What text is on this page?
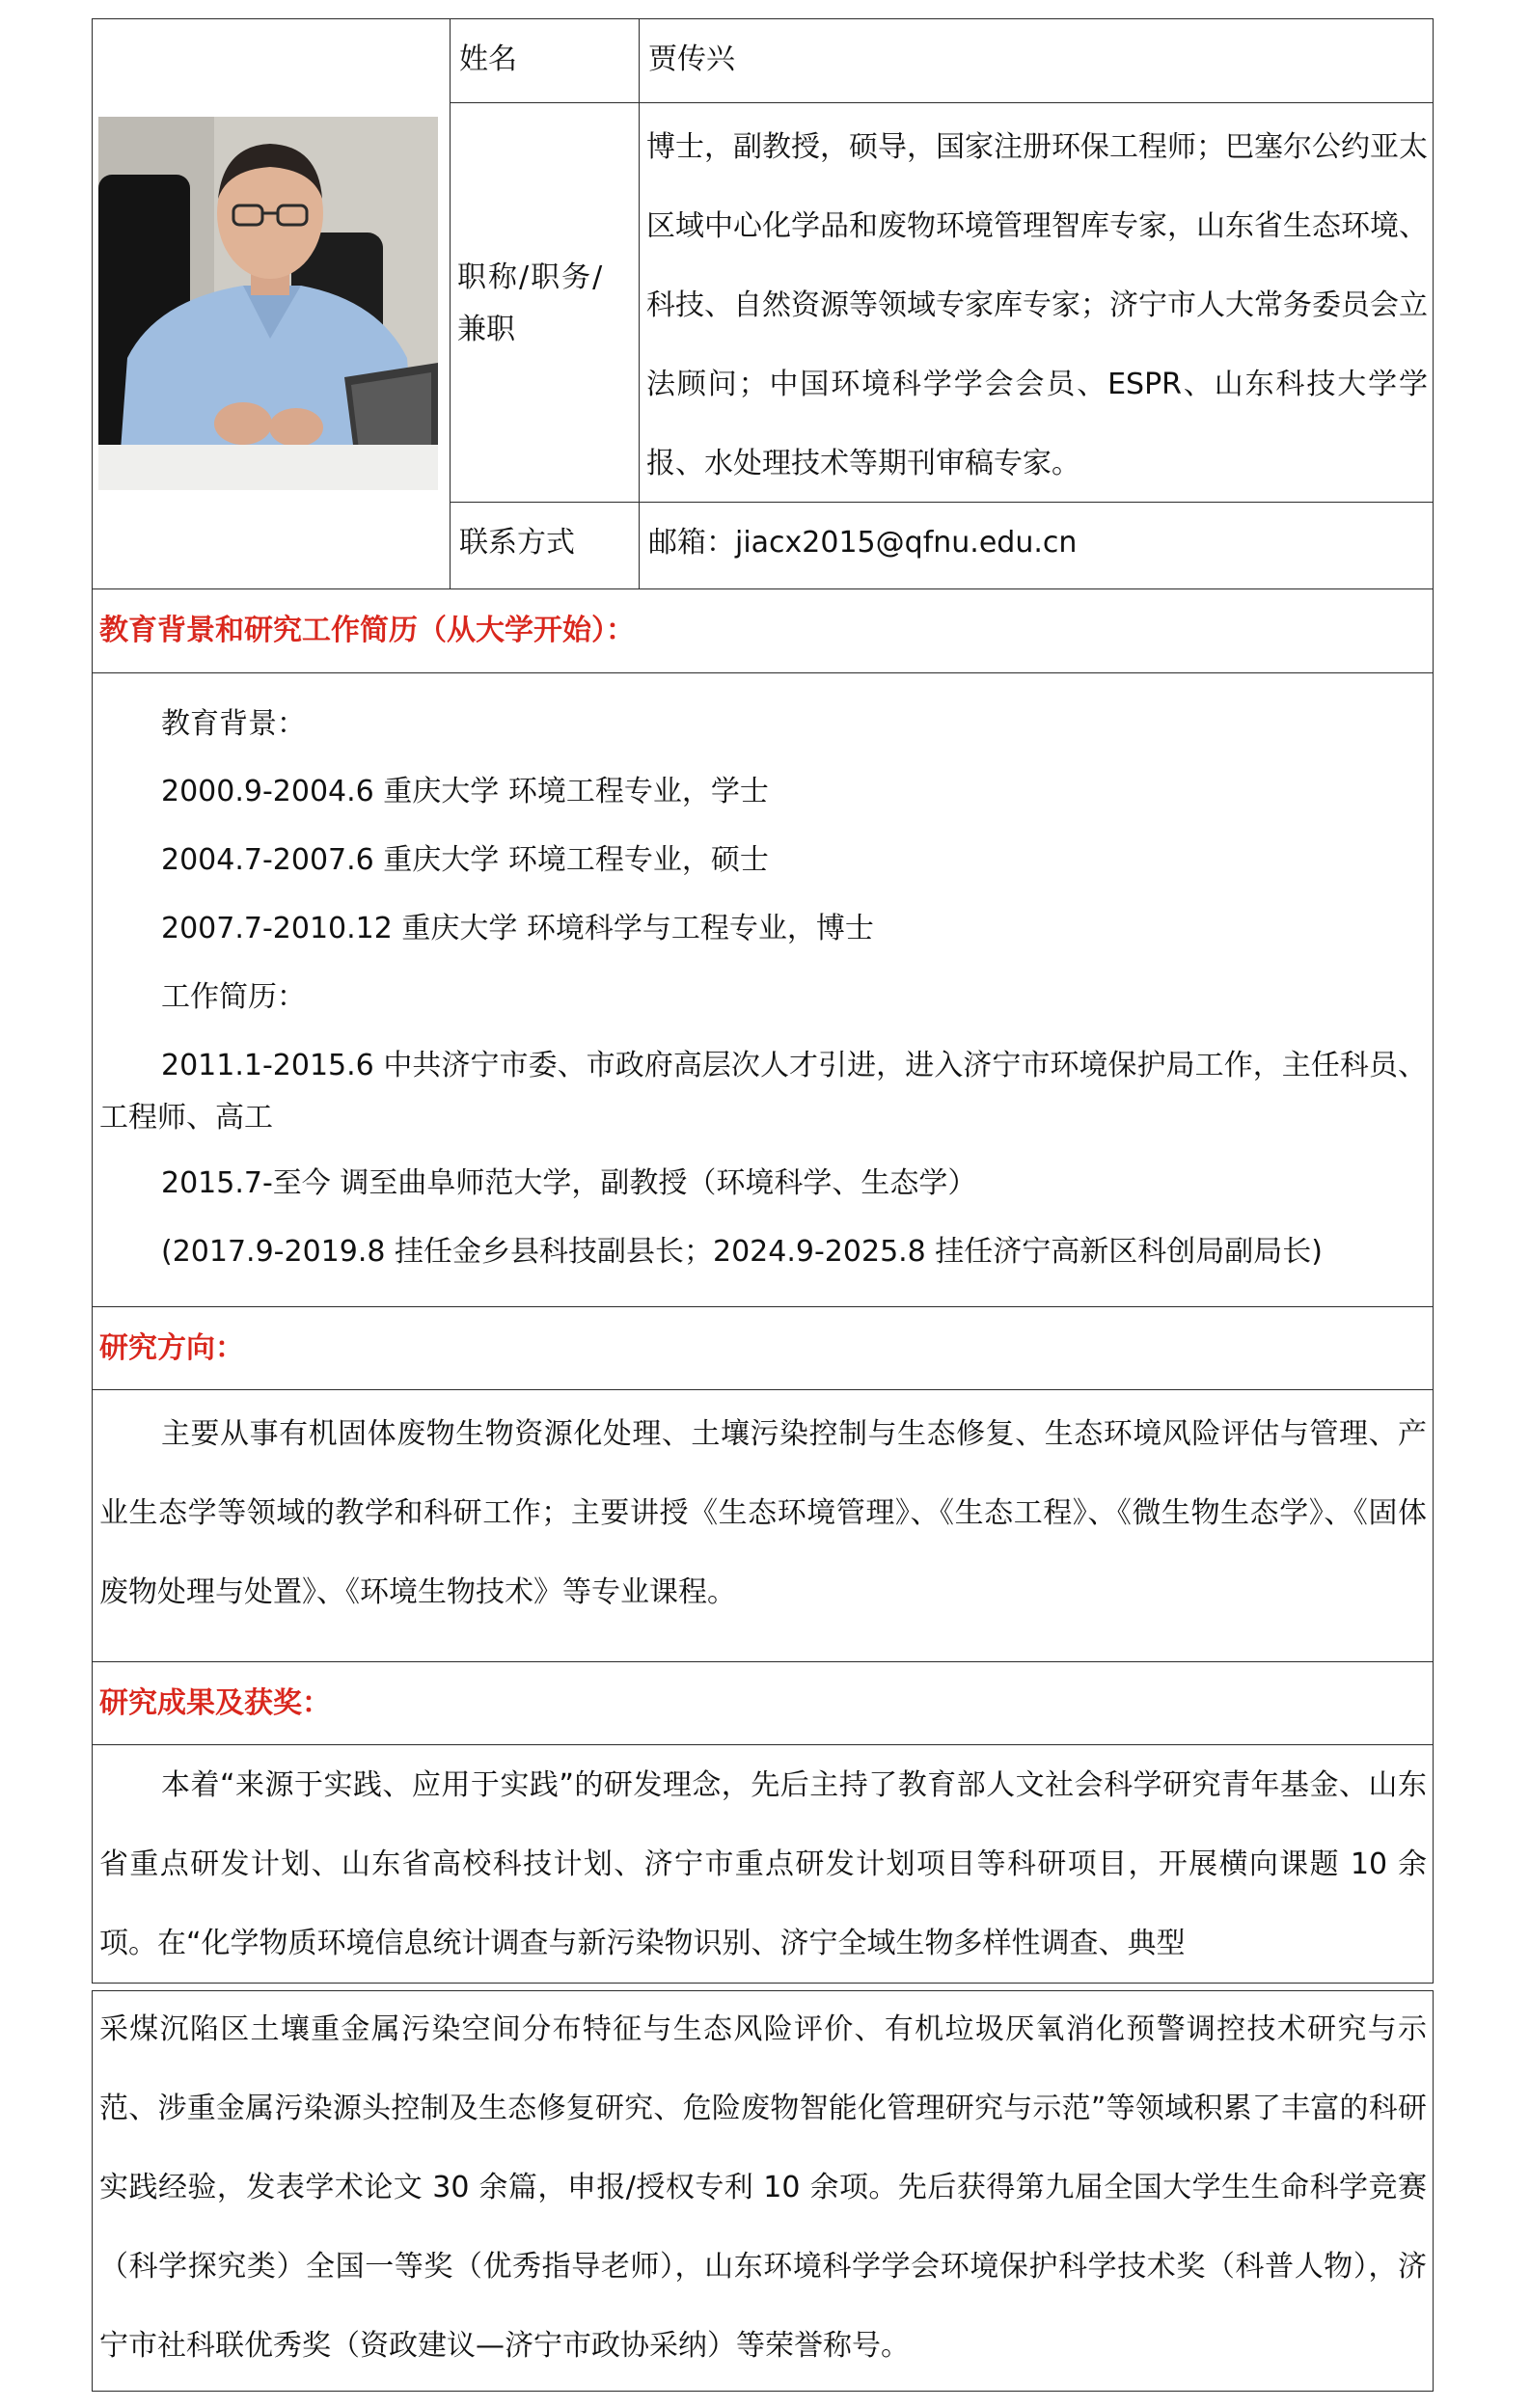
姓名	贾传兴
职称/职务/
兼职
博士，副教授，硕导，国家注册环保工程师；巴塞尔公约亚太区域中心化学品和废物环境管理智库专家，山东省生态环境、科技、自然资源等领域专家库专家；济宁市人大常务委员会立法顾问；中国环境科学学会会员、ESPR、山东科技大学学报、水处理技术等期刊审稿专家。
联系方式	邮箱：jiacx2015@qfnu.edu.cn
教育背景和研究工作简历（从大学开始）：
教育背景：
2000.9-2004.6 重庆大学 环境工程专业，学士
2004.7-2007.6 重庆大学 环境工程专业，硕士
2007.7-2010.12 重庆大学 环境科学与工程专业，博士
工作简历：
2011.1-2015.6 中共济宁市委、市政府高层次人才引进，进入济宁市环境保护局工作，主任科员、工程师、高工
2015.7-至今 调至曲阜师范大学，副教授（环境科学、生态学）
(2017.9-2019.8 挂任金乡县科技副县长；2024.9-2025.8 挂任济宁高新区科创局副局长)
研究方向：
主要从事有机固体废物生物资源化处理、土壤污染控制与生态修复、生态环境风险评估与管理、产业生态学等领域的教学和科研工作；主要讲授《生态环境管理》、《生态工程》、《微生物生态学》、《固体废物处理与处置》、《环境生物技术》等专业课程。
研究成果及获奖：
本着“来源于实践、应用于实践”的研发理念，先后主持了教育部人文社会科学研究青年基金、山东省重点研发计划、山东省高校科技计划、济宁市重点研发计划项目等科研项目，开展横向课题 10 余项。在“化学物质环境信息统计调查与新污染物识别、济宁全域生物多样性调查、典型
采煤沉陷区土壤重金属污染空间分布特征与生态风险评价、有机垃圾厌氧消化预警调控技术研究与示范、涉重金属污染源头控制及生态修复研究、危险废物智能化管理研究与示范”等领域积累了丰富的科研实践经验，发表学术论文 30 余篇，申报/授权专利 10 余项。先后获得第九届全国大学生生命科学竞赛（科学探究类）全国一等奖（优秀指导老师），山东环境科学学会环境保护科学技术奖（科普人物），济宁市社科联优秀奖（资政建议—济宁市政协采纳）等荣誉称号。
